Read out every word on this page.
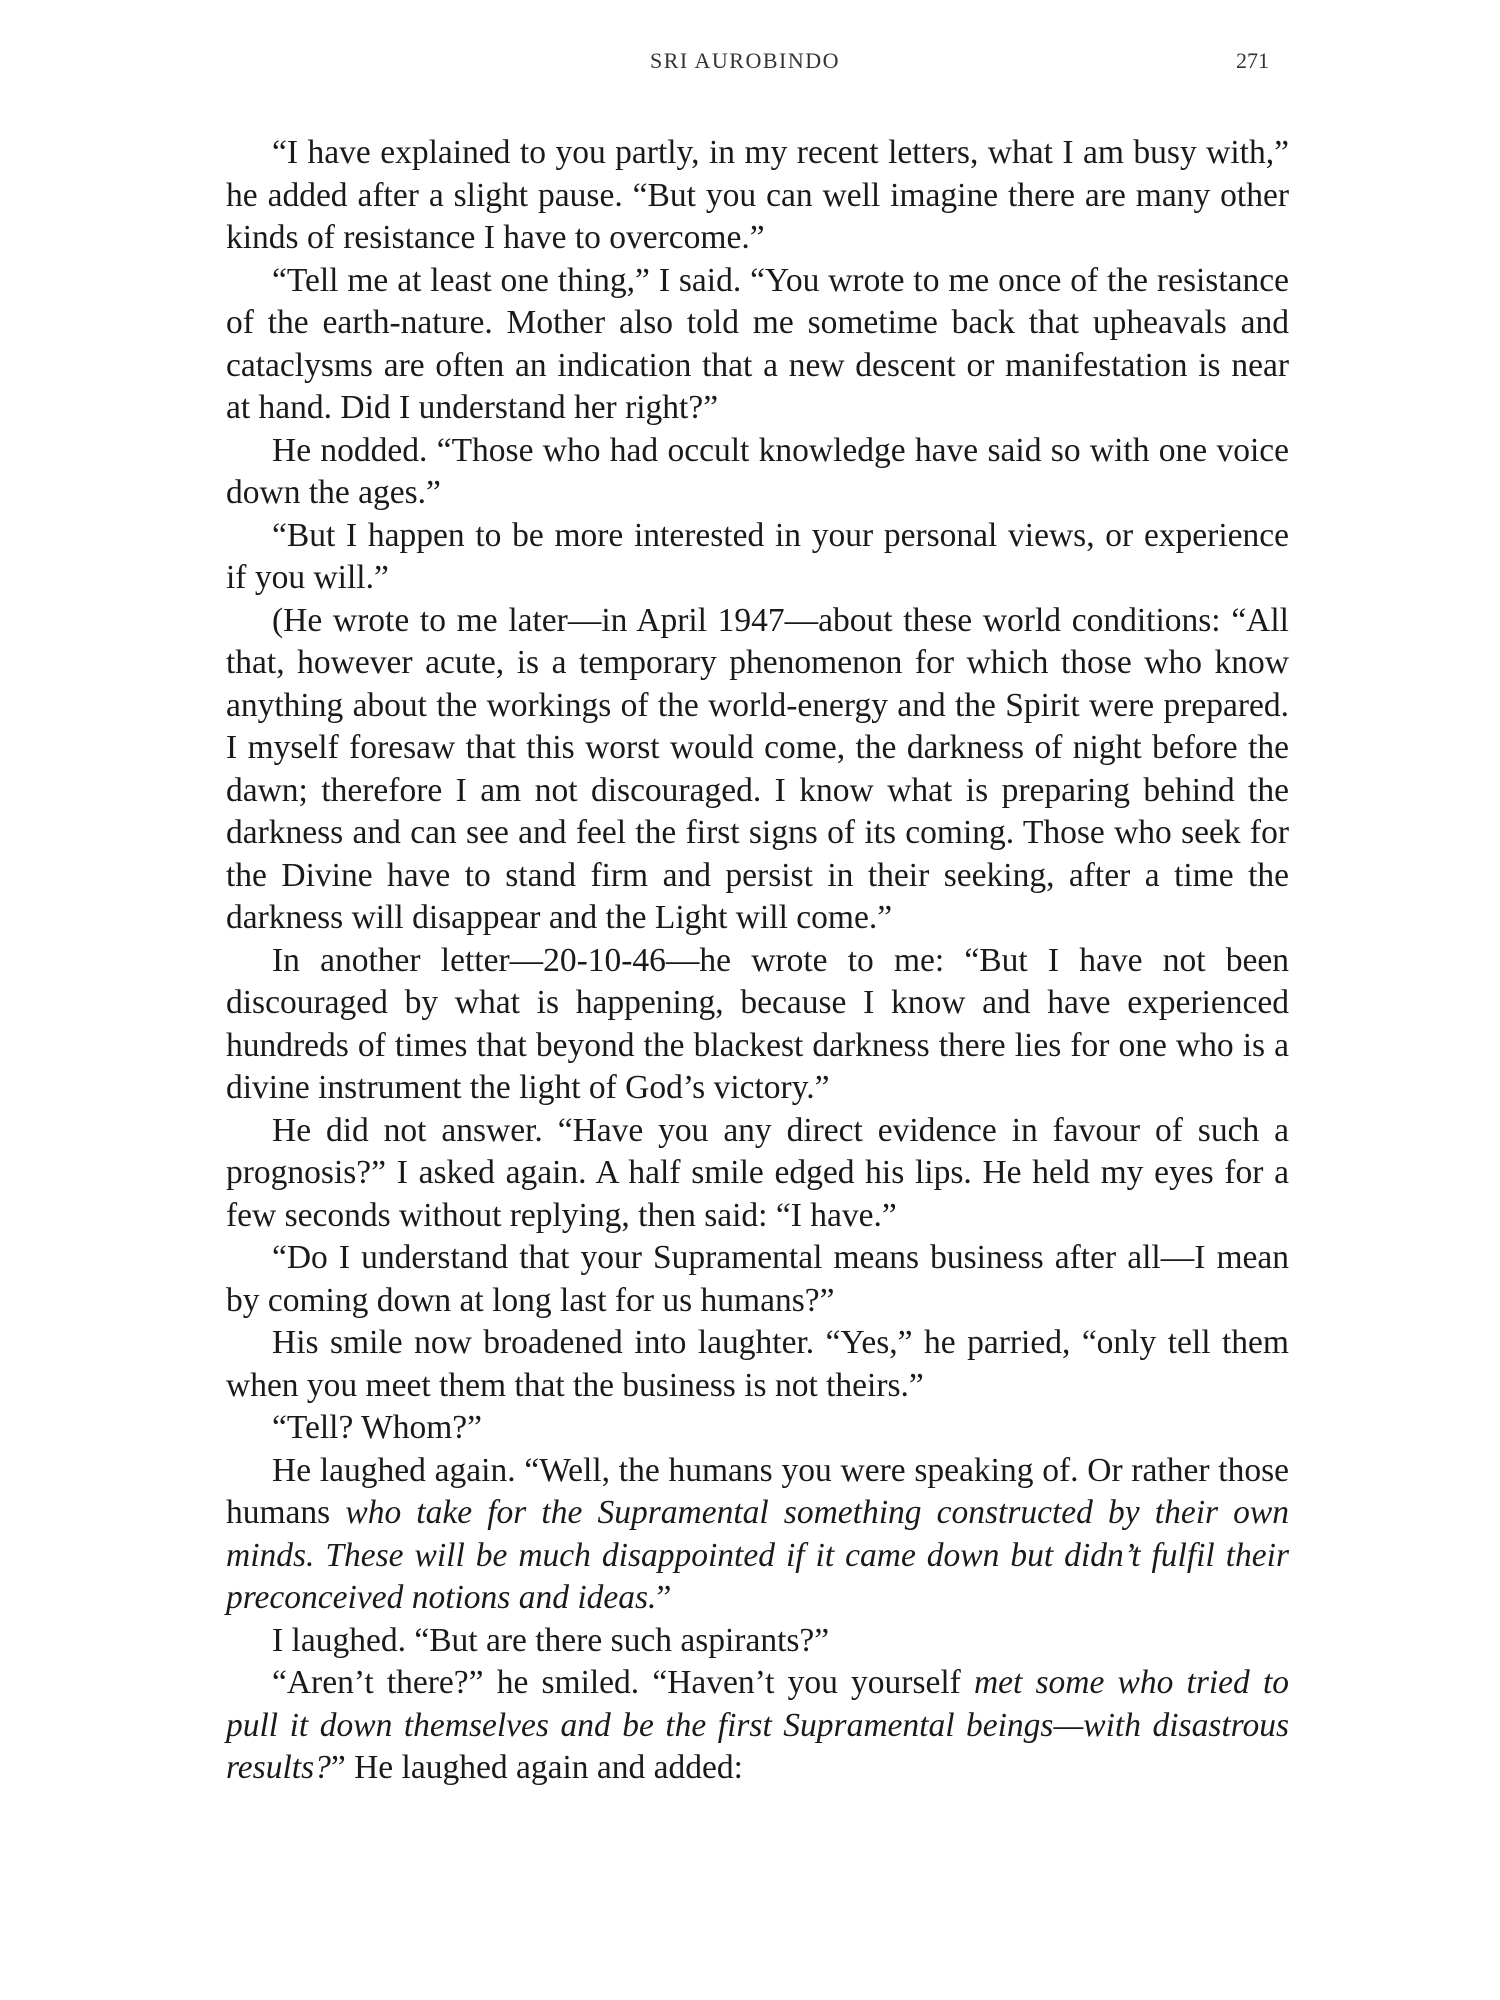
SRI AUROBINDO	271

“I have explained to you partly, in my recent letters, what I am busy with,” he added after a slight pause. “But you can well imagine there are many other kinds of resistance I have to overcome.”

“Tell me at least one thing,” I said. “You wrote to me once of the resistance of the earth-nature. Mother also told me sometime back that upheavals and cataclysms are often an indication that a new descent or manifestation is near at hand. Did I understand her right?”

He nodded. “Those who had occult knowledge have said so with one voice down the ages.”

“But I happen to be more interested in your personal views, or experience if you will.”

(He wrote to me later—in April 1947—about these world conditions: “All that, however acute, is a temporary phenomenon for which those who know anything about the workings of the world-energy and the Spirit were prepared. I myself foresaw that this worst would come, the darkness of night before the dawn; therefore I am not discouraged. I know what is preparing behind the darkness and can see and feel the first signs of its coming. Those who seek for the Divine have to stand firm and persist in their seeking, after a time the darkness will disappear and the Light will come.”

In another letter—20-10-46—he wrote to me: “But I have not been discouraged by what is happening, because I know and have experienced hundreds of times that beyond the blackest darkness there lies for one who is a divine instrument the light of God’s victory.”

He did not answer. “Have you any direct evidence in favour of such a prognosis?” I asked again. A half smile edged his lips. He held my eyes for a few seconds without replying, then said: “I have.”

“Do I understand that your Supramental means business after all—I mean by coming down at long last for us humans?”

His smile now broadened into laughter. “Yes,” he parried, “only tell them when you meet them that the business is not theirs.”

“Tell? Whom?”

He laughed again. “Well, the humans you were speaking of. Or rather those humans who take for the Supramental something constructed by their own minds. These will be much disappointed if it came down but didn’t fulfil their preconceived notions and ideas.”

I laughed. “But are there such aspirants?”

“Aren’t there?” he smiled. “Haven’t you yourself met some who tried to pull it down themselves and be the first Supramental beings—with disastrous results?” He laughed again and added:
